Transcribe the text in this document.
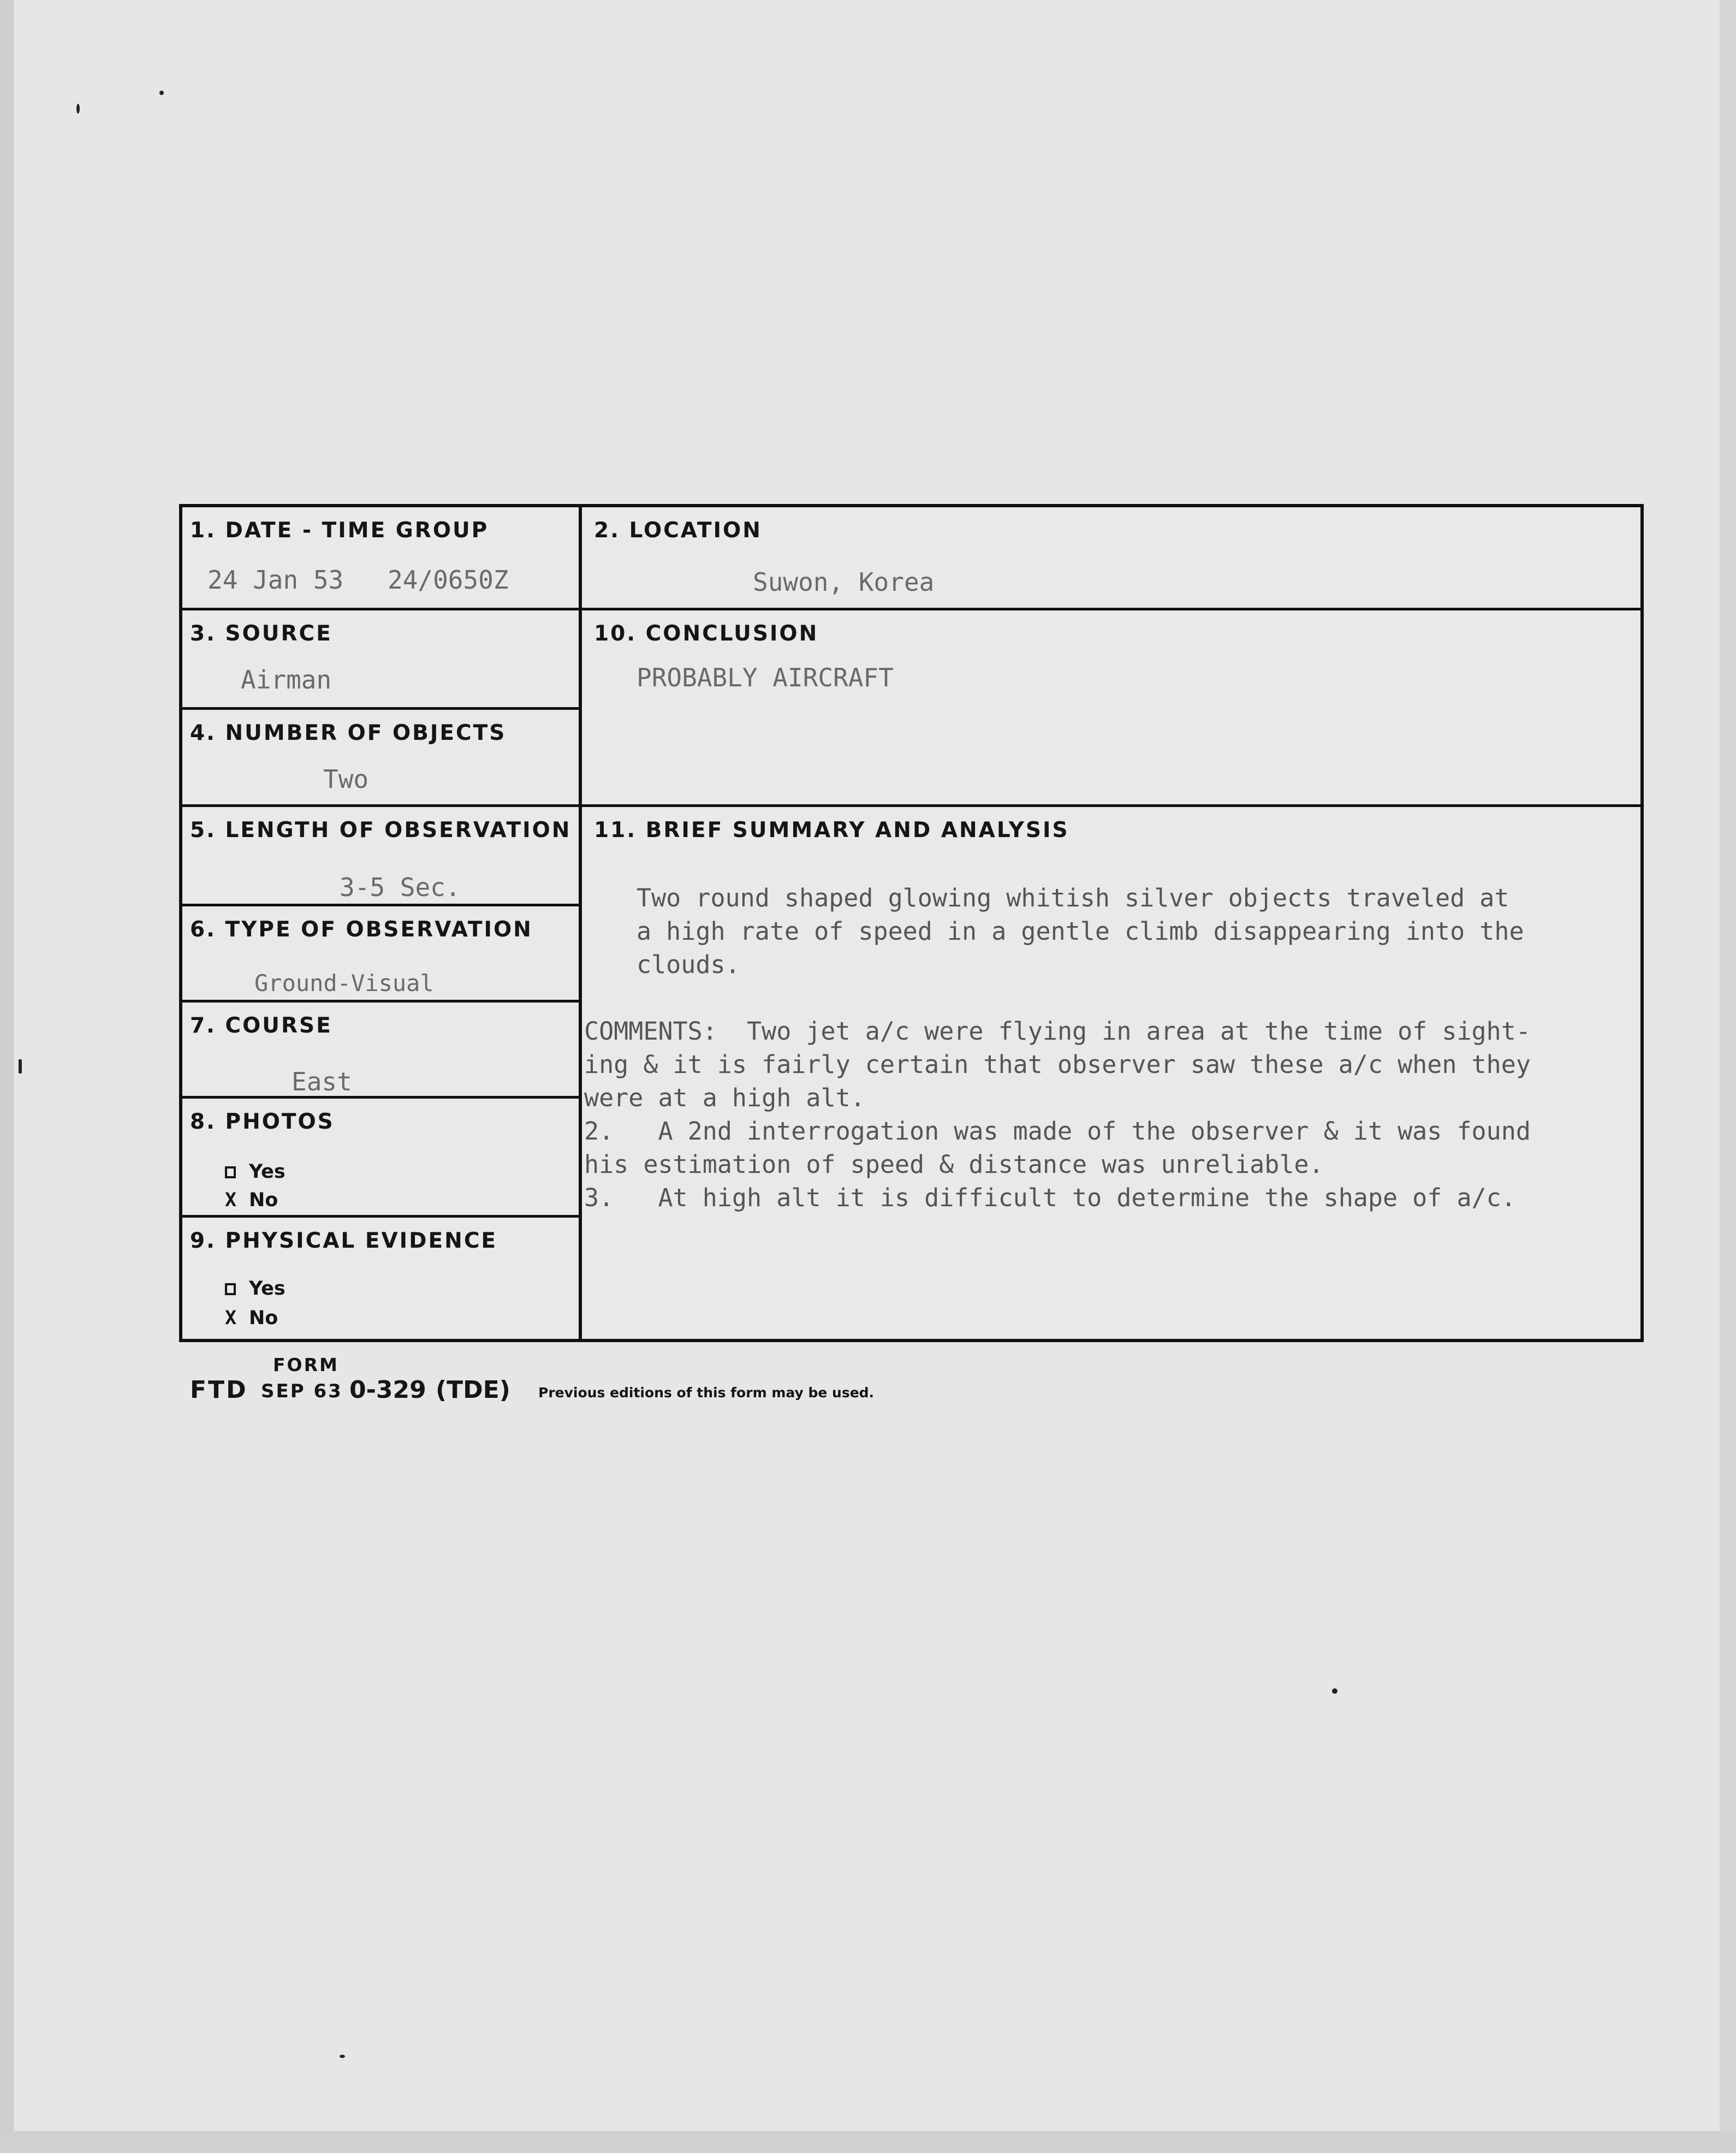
1. DATE - TIME GROUP
24 Jan 53 24/0650Z
3. SOURCE
Airman
4. NUMBER OF OBJECTS
Two
5. LENGTH OF OBSERVATION
3-5 Sec.
6. TYPE OF OBSERVATION
Ground-Visual
7. COURSE
East
8. PHOTOS
Yes
X No
9. PHYSICAL EVIDENCE
Yes
X No
2. LOCATION
Suwon, Korea
10. CONCLUSION
PROBABLY AIRCRAFT
11. BRIEF SUMMARY AND ANALYSIS
Two round shaped glowing whitish silver objects traveled at
a high rate of speed in a gentle climb disappearing into the
clouds.
COMMENTS:  Two jet a/c were flying in area at the time of sight-
ing & it is fairly certain that observer saw these a/c when they
were at a high alt.
2.   A 2nd interrogation was made of the observer & it was found
his estimation of speed & distance was unreliable.
3.   At high alt it is difficult to determine the shape of a/c.
FORM
FTD SEP 63 0-329 (TDE) Previous editions of this form may be used.
